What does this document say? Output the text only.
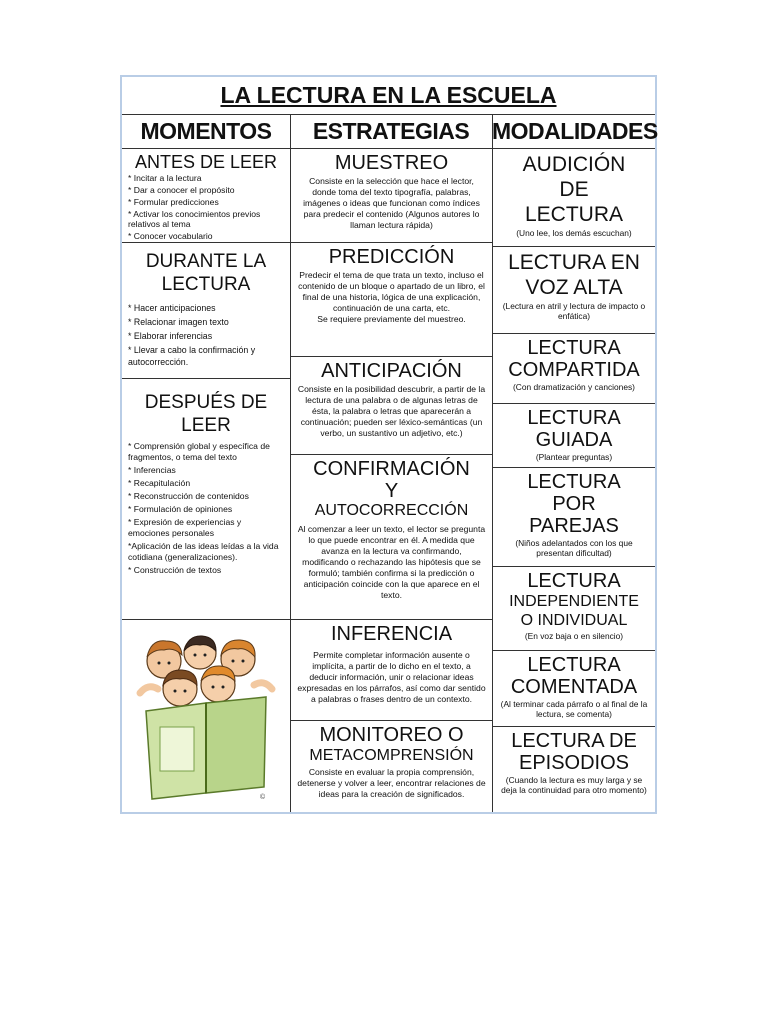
LA LECTURA EN LA ESCUELA
MOMENTOS	ESTRATEGIAS MODALIDADES
ANTES DE LEER
* Incitar a la lectura
* Dar a conocer el propósito
* Formular predicciones
* Activar los conocimientos previos relativos al tema
* Conocer vocabulario
DURANTE LA LECTURA
* Hacer anticipaciones
* Relacionar imagen texto
* Elaborar inferencias
* Llevar a cabo la confirmación y autocorrección.
DESPUÉS DE LEER
* Comprensión global y específica de fragmentos, o tema del texto
* Inferencias
* Recapitulación
* Reconstrucción de contenidos
* Formulación de opiniones
* Expresión de experiencias y emociones personales
*Aplicación de las ideas leídas a la vida cotidiana (generalizaciones).
* Construcción de textos
©
MUESTREO
Consiste en la selección que hace el lector, donde toma del texto tipografía, palabras, imágenes o ideas que funcionan como índices para predecir el contenido (Algunos autores lo llaman lectura rápida)
PREDICCIÓN
Predecir el tema de que trata un texto, incluso el contenido de un bloque o apartado de un libro, el final de una historia, lógica de una explicación, continuación de una carta, etc.
Se requiere previamente del muestreo.
ANTICIPACIÓN
Consiste en la posibilidad descubrir, a partir de la lectura de una palabra o de algunas letras de ésta, la palabra o letras que aparecerán a continuación; pueden ser léxico-semánticas (un verbo, un sustantivo un adjetivo, etc.)
CONFIRMACIÓN
Y
AUTOCORRECCIÓN
Al comenzar a leer un texto, el lector se pregunta lo que puede encontrar en él. A medida que avanza en la lectura va confirmando, modificando o rechazando las hipótesis que se formuló; también confirma si la predicción o anticipación coincide con la que aparece en el texto.
INFERENCIA
Permite completar información ausente o implícita, a partir de lo dicho en el texto, a deducir información, unir o relacionar ideas expresadas en los párrafos, así como dar sentido a palabras o frases dentro de un contexto.
MONITOREO O
METACOMPRENSIÓN
Consiste en evaluar la propia comprensión, detenerse y volver a leer, encontrar relaciones de ideas para la creación de significados.
AUDICIÓN
DE
LECTURA
(Uno lee, los demás escuchan)
LECTURA EN
VOZ ALTA
(Lectura en atril y lectura de impacto o enfática)
LECTURA
COMPARTIDA
(Con dramatización y canciones)
LECTURA
GUIADA
(Plantear preguntas)
LECTURA
POR
PAREJAS
(Niños adelantados con los que presentan dificultad)
LECTURA
INDEPENDIENTE
O INDIVIDUAL
(En voz baja o en silencio)
LECTURA
COMENTADA
(Al terminar cada párrafo o al final de la lectura, se comenta)
LECTURA DE
EPISODIOS
(Cuando la lectura es muy larga y se deja la continuidad para otro momento)
